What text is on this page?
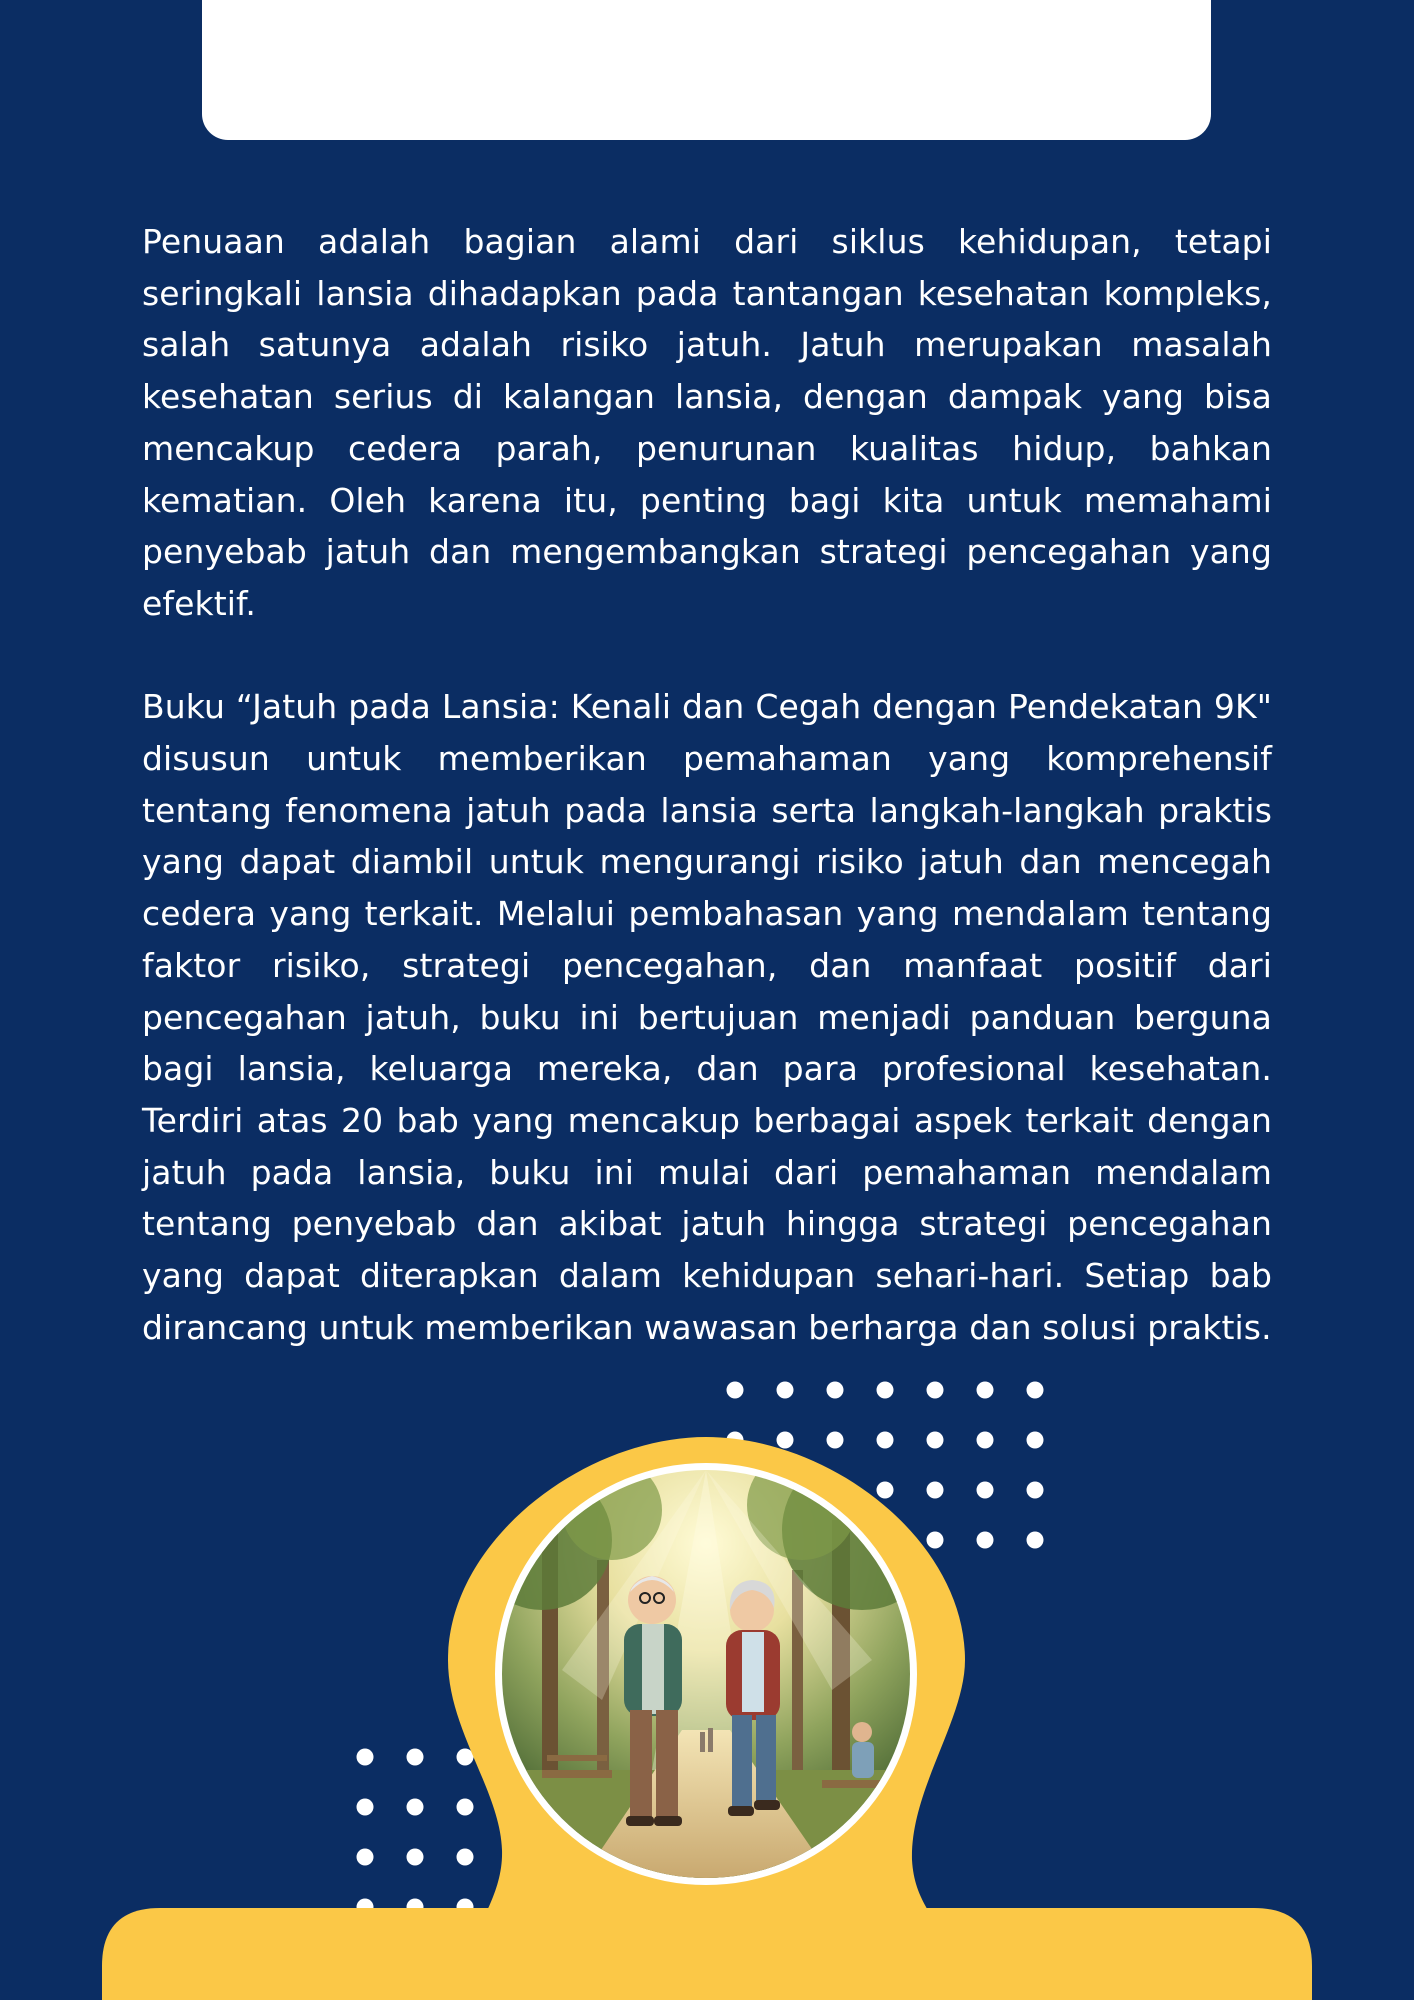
Penuaan adalah bagian alami dari siklus kehidupan, tetapi seringkali lansia dihadapkan pada tantangan kesehatan kompleks, salah satunya adalah risiko jatuh. Jatuh merupakan masalah kesehatan serius di kalangan lansia, dengan dampak yang bisa mencakup cedera parah, penurunan kualitas hidup, bahkan kematian. Oleh karena itu, penting bagi kita untuk memahami penyebab jatuh dan mengembangkan strategi pencegahan yang efektif.

Buku “Jatuh pada Lansia: Kenali dan Cegah dengan Pendekatan 9K" disusun untuk memberikan pemahaman yang komprehensif tentang fenomena jatuh pada lansia serta langkah-langkah praktis yang dapat diambil untuk mengurangi risiko jatuh dan mencegah cedera yang terkait. Melalui pembahasan yang mendalam tentang faktor risiko, strategi pencegahan, dan manfaat positif dari pencegahan jatuh, buku ini bertujuan menjadi panduan berguna bagi lansia, keluarga mereka, dan para profesional kesehatan. Terdiri atas 20 bab yang mencakup berbagai aspek terkait dengan jatuh pada lansia, buku ini mulai dari pemahaman mendalam tentang penyebab dan akibat jatuh hingga strategi pencegahan yang dapat diterapkan dalam kehidupan sehari-hari. Setiap bab dirancang untuk memberikan wawasan berharga dan solusi praktis.
